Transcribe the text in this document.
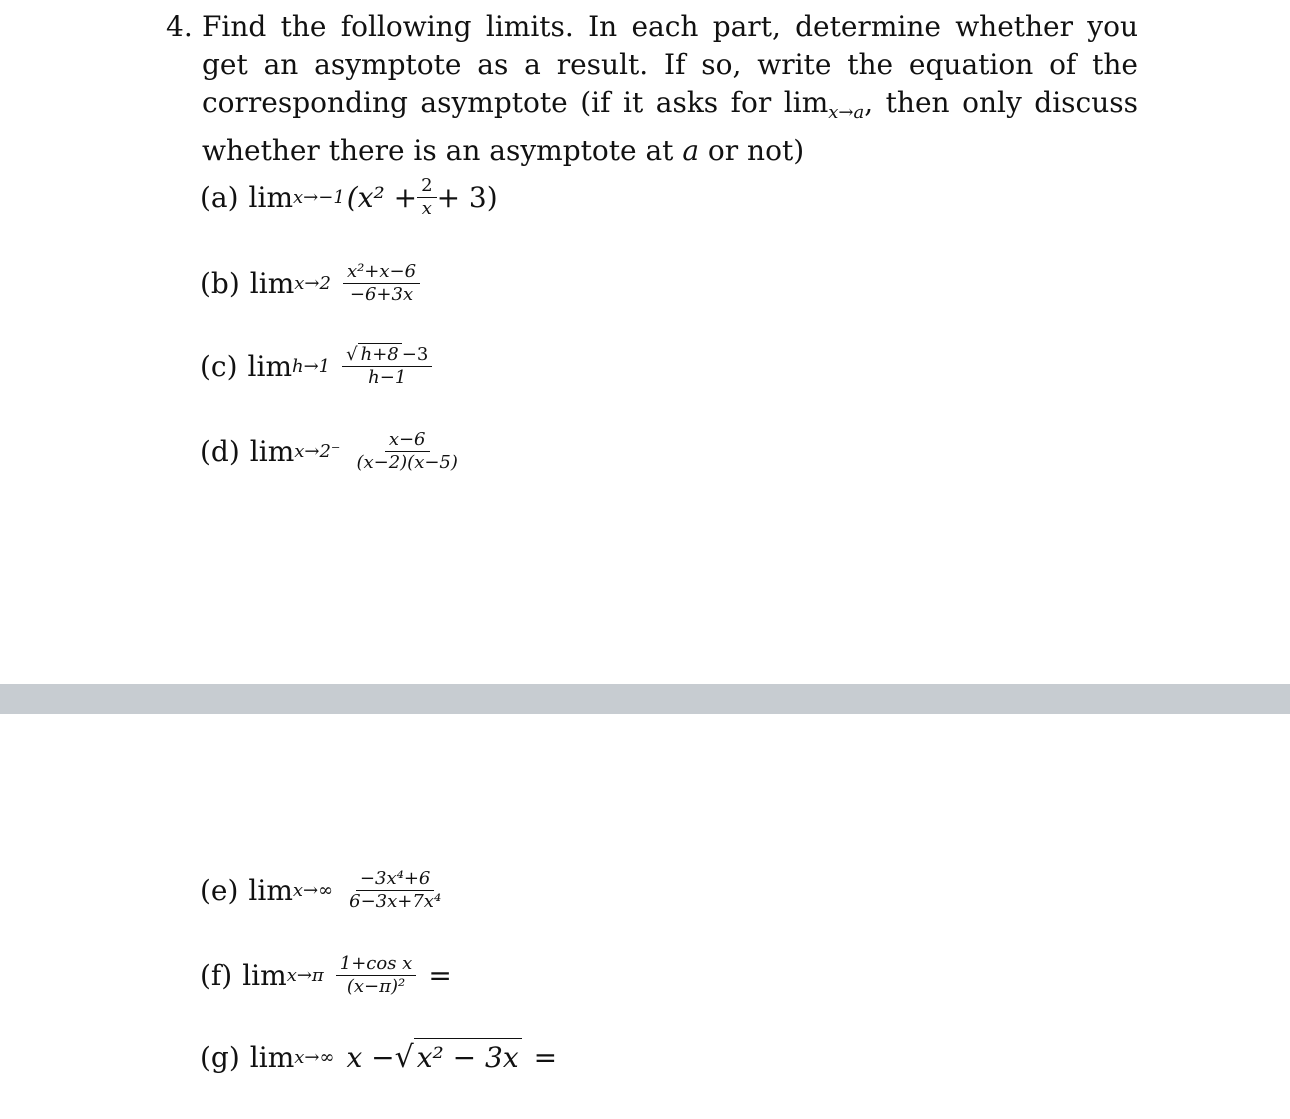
4. Find the following limits. In each part, determine whether you get an asymptote as a result. If so, write the equation of the corresponding asymptote (if it asks for $\lim_{x\to a}$, then only discuss whether there is an asymptote at a or not)
(a) lim x→−1 $(x^2 + \frac{2}{x} + 3)$
(b) $\lim x\to 2 \frac{\text{x²+x−6}}{-6+3x}$
(c) $\lim h\to 1 \frac{√ h+8 -3}{h-1}$
(d) $\lim x\to 2^- \frac{x-6}{(x-2)(x-5)}$
(e) $\lim x\to\infty \frac{\text{−3x⁴+6}}{\text{6−3x+7x⁴}}$
(f) $\lim x\to\pi \frac{\text{1+cos x}}{\text{(x−π)²}}$ =
(g) lim x→∞ x − √ x² − 3x =
